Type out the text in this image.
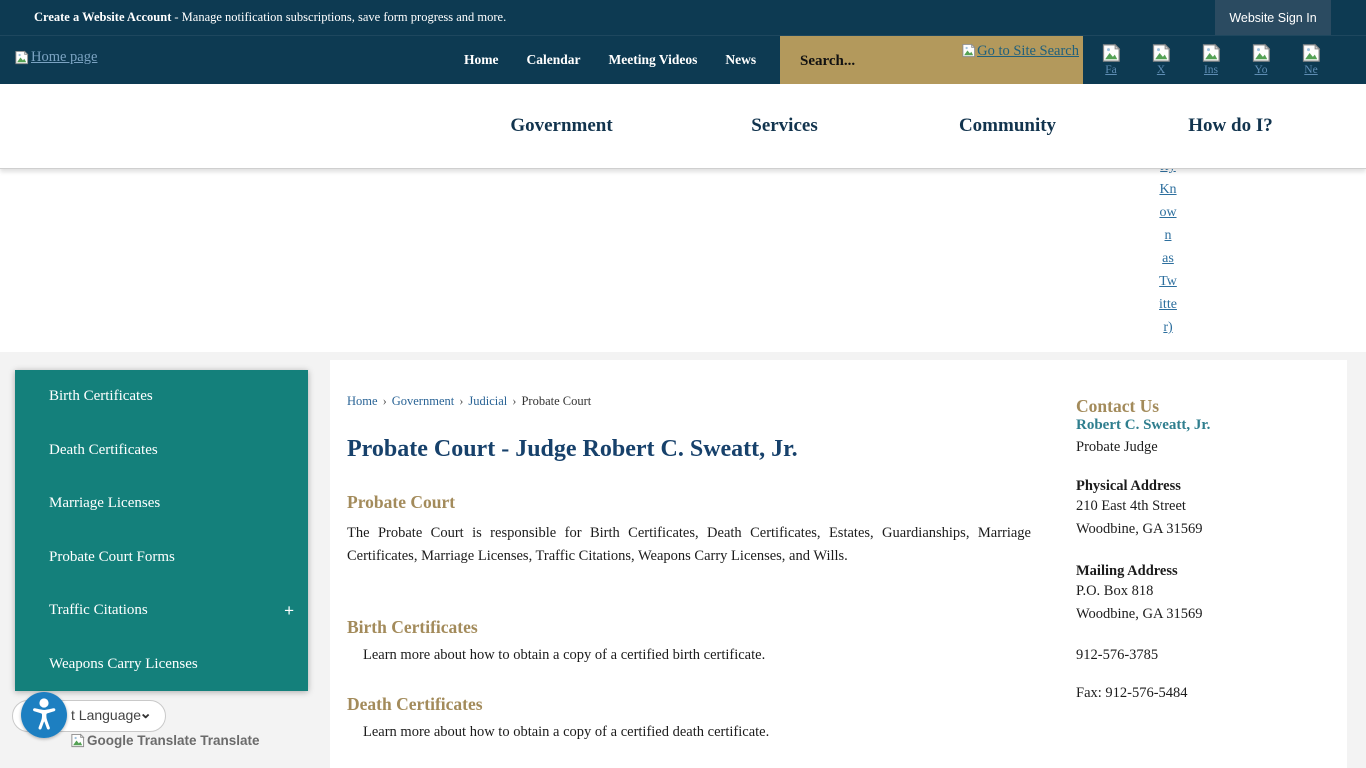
Create a Website Account - Manage notification subscriptions, save form progress and more.	Website Sign In
Home page	Home Calendar Meeting Videos News
Search...	Go to Site Search
Fa	X	Ins	Yo	Ne
Kn
ow
n
as
Tw
itte
r)
Government	Services	Community	How do I?
Home › Government › Judicial › Probate Court
Probate Court - Judge Robert C. Sweatt, Jr.
Probate Court

The Probate Court is responsible for Birth Certificates, Death Certificates, Estates, Guardianships, Marriage Certificates, Marriage Licenses, Traffic Citations, Weapons Carry Licenses, and Wills.

Birth Certificates

Learn more about how to obtain a copy of a certified birth certificate.

Death Certificates

Learn more about how to obtain a copy of a certified death certificate.

Contact Us
Robert C. Sweatt, Jr.
Probate Judge
Physical Address
210 East 4th Street
Woodbine, GA 31569
Mailing Address
P.O. Box 818
Woodbine, GA 31569
912-576-3785
Fax: 912-576-5484
Birth Certificates
Death Certificates
Marriage Licenses
Probate Court Forms
Traffic Citations	+
Weapons Carry Licenses
t Language
⌄
Google Translate Translate
